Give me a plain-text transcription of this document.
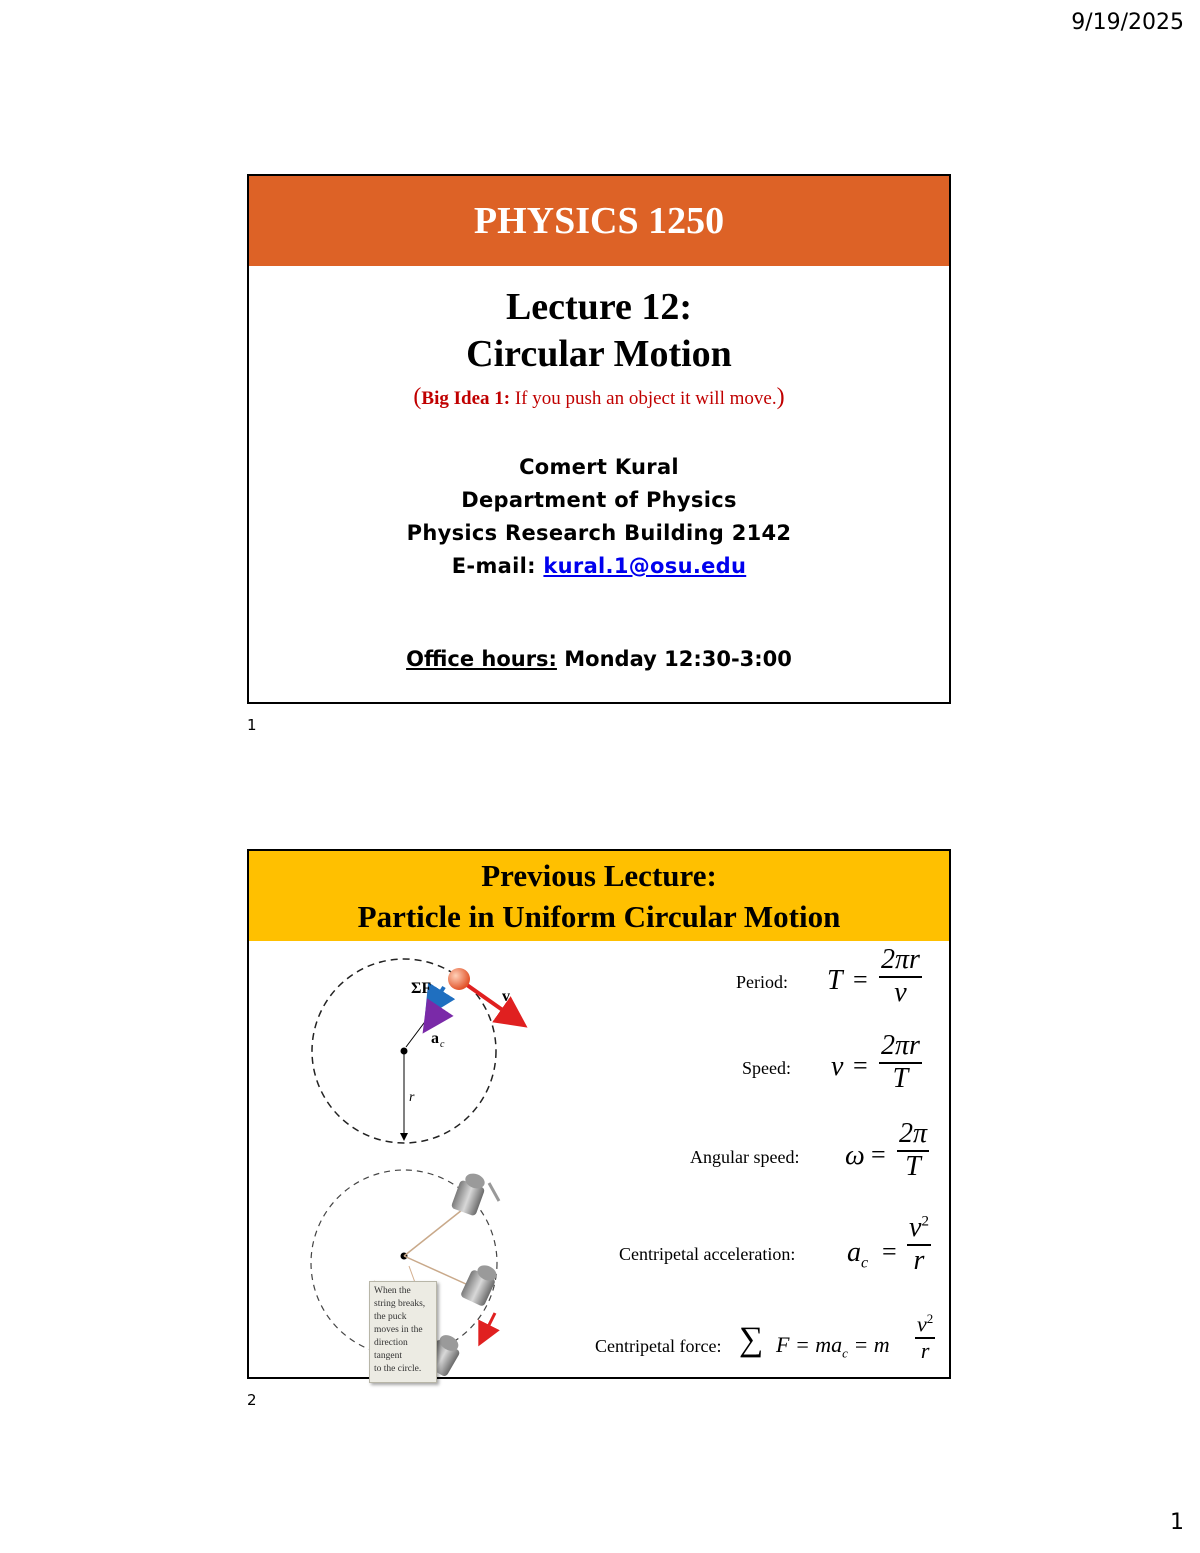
9/19/2025
1
PHYSICS 1250
Lecture 12:
Circular Motion
(Big Idea 1: If you push an object it will move.)
Comert Kural
Department of Physics
Physics Research Building 2142
E-mail: kural.1@osu.edu
Office hours: Monday 12:30-3:00
1
Previous Lecture:
Particle in Uniform Circular Motion
ΣF	v
a c
r
When the
string breaks,
the puck
moves in the
direction
tangent
to the circle.
Period: $T = \frac{2\pi r}{v}$
Speed: $v = \frac{2\pi r}{T}$
Angular speed: $\omega = \frac{2\pi}{T}$
Centripetal acceleration: $a_c = \frac{v^2}{r}$
Centripetal force: ∑ $F = ma_c = m \frac{v^2}{r}$
2
